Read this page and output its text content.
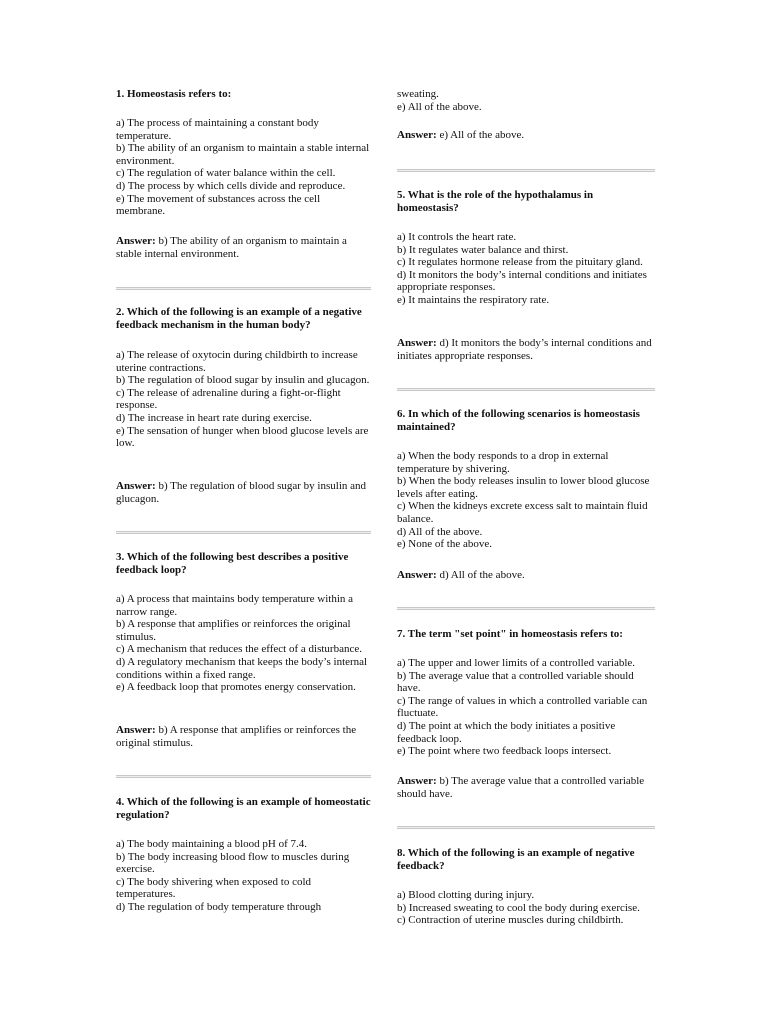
1. Homeostasis refers to:

a) The process of maintaining a constant body temperature.
b) The ability of an organism to maintain a stable internal environment.
c) The regulation of water balance within the cell.
d) The process by which cells divide and reproduce.
e) The movement of substances across the cell membrane.

Answer: b) The ability of an organism to maintain a stable internal environment.

2. Which of the following is an example of a negative feedback mechanism in the human body?

a) The release of oxytocin during childbirth to increase uterine contractions.
b) The regulation of blood sugar by insulin and glucagon.
c) The release of adrenaline during a fight-or-flight response.
d) The increase in heart rate during exercise.
e) The sensation of hunger when blood glucose levels are low.

Answer: b) The regulation of blood sugar by insulin and glucagon.

3. Which of the following best describes a positive feedback loop?

a) A process that maintains body temperature within a narrow range.
b) A response that amplifies or reinforces the original stimulus.
c) A mechanism that reduces the effect of a disturbance.
d) A regulatory mechanism that keeps the body’s internal conditions within a fixed range.
e) A feedback loop that promotes energy conservation.

Answer: b) A response that amplifies or reinforces the original stimulus.

4. Which of the following is an example of homeostatic regulation?

a) The body maintaining a blood pH of 7.4.
b) The body increasing blood flow to muscles during exercise.
c) The body shivering when exposed to cold temperatures.
d) The regulation of body temperature through
sweating.
e) All of the above.

Answer: e) All of the above.

5. What is the role of the hypothalamus in homeostasis?

a) It controls the heart rate.
b) It regulates water balance and thirst.
c) It regulates hormone release from the pituitary gland.
d) It monitors the body’s internal conditions and initiates appropriate responses.
e) It maintains the respiratory rate.

Answer: d) It monitors the body’s internal conditions and initiates appropriate responses.

6. In which of the following scenarios is homeostasis maintained?

a) When the body responds to a drop in external temperature by shivering.
b) When the body releases insulin to lower blood glucose levels after eating.
c) When the kidneys excrete excess salt to maintain fluid balance.
d) All of the above.
e) None of the above.

Answer: d) All of the above.

7. The term "set point" in homeostasis refers to:

a) The upper and lower limits of a controlled variable.
b) The average value that a controlled variable should have.
c) The range of values in which a controlled variable can fluctuate.
d) The point at which the body initiates a positive feedback loop.
e) The point where two feedback loops intersect.

Answer: b) The average value that a controlled variable should have.

8. Which of the following is an example of negative feedback?

a) Blood clotting during injury.
b) Increased sweating to cool the body during exercise.
c) Contraction of uterine muscles during childbirth.
